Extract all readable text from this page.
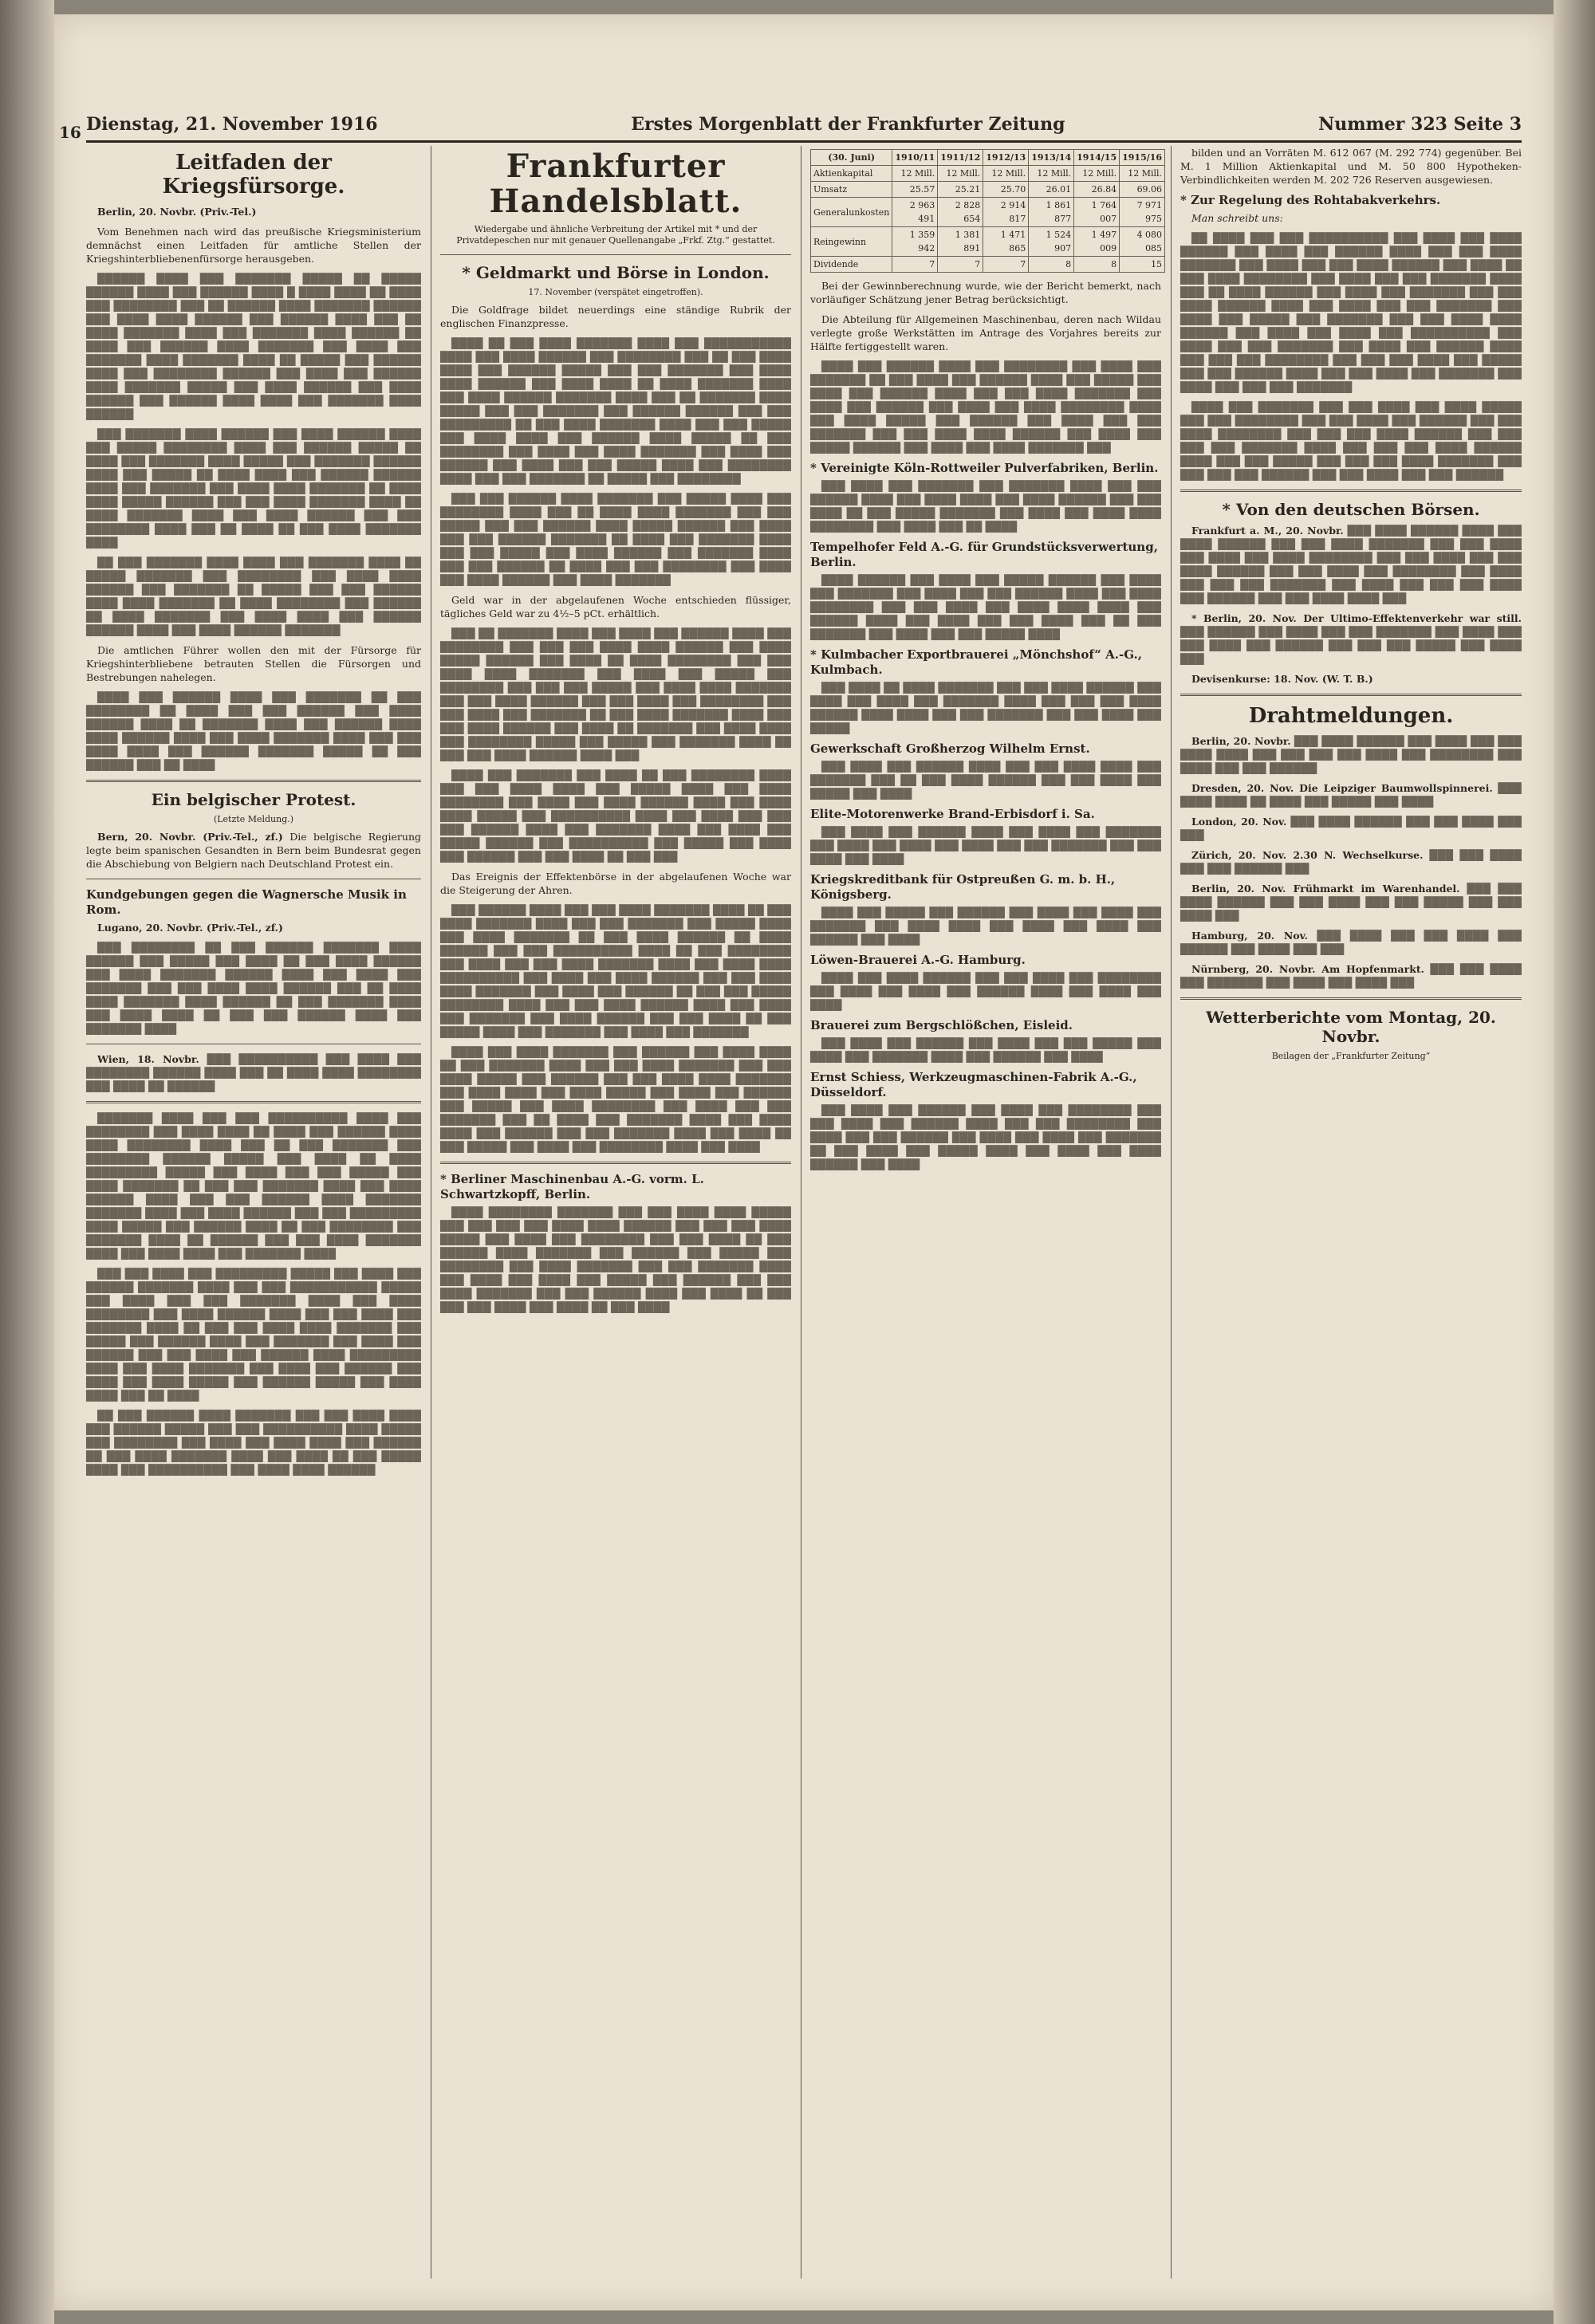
16 Dienstag, 21. November 1916	Erstes Morgenblatt der Frankfurter Zeitung	Nummer 323 Seite 3
Leitfaden der Kriegsfürsorge.

Berlin, 20. Novbr. (Priv.-Tel.)

Vom Benehmen nach wird das preußische Kriegsministerium demnächst einen Leitfaden für amtliche Stellen der Kriegshinterbliebenenfürsorge herausgeben.

██████ ████ ███ ███████ █████ ██ █████ ██████ ████ ███ ██████ ████ █ ████ ████ ██ ████ ███ ████████ ███ ██ ██████ ████ ███████ ██████ ███ ████ ████ ██████ ███ ██████ ████ ███ ██ ████ ███████ ████ ███ ███████ ████ ██████ ██ ████ ███ ██████ ████ ███████ ███ ████ ███ ███████ ████ ███████ ████ ██ █████ ███ ██████ ████ ███ ████████ ██████ ███ ████ ███ ██████ ████ ███████ █████ ███ ████ ██████ ███ ████ ██████ ███ ██████ ████ ████ ███ ███████ ████ ██████

███ ███████ ████ ██████ ███ ████ ██████ ████ ███ █████ ████████ ████ ███ ██████ █████ ██ ████ ███ ███████ ████ █████ ███ ███████ ██████ ████ ███ █████ ██ ████ ████ ███ ██████ ██████ ████ ███ ███████ ███ ████ ████ ███████ ██ ████ ████ █████ ██████ ███ ███ ████ ███████ ████ ██ ████ ███████ ████ ███ ████ ██████ ███ ███ ████████ ████ ███ ██ ████ ██ ███ ████ ███████ ████

██ ███ ███████ ████ ████ ███ ███████ ████ ██ █████ ███████ ███ ████████ ███ ████ ████ ██████ ███ ███████ ██ █████ ███ ███ ██████ ████ ████ ███████ ██ ████ ████████ ███ ██████ ██ ████ ███████ ███ ████ ████ ███ ██████ ██████ ████ ███ ████ ██████ ███████

Die amtlichen Führer wollen den mit der Fürsorge für Kriegshinterbliebene betrauten Stellen die Fürsorgen und Bestrebungen nahelegen.

████ ███ ██████ ████ ███ ███████ ██ ███ ████████ ██ ████ ███ ███ ██████ ███ ████ ██████ ████ ██ ███████ ████ ███ ██████ ████ ████ ██████ ████ ███ ████ ███████ ████ ███ ███ ████ ████ ███ ██████ ███████ █████ ██ ███ ██████ ███ ██ ████

Ein belgischer Protest.
(Letzte Meldung.)

Bern, 20. Novbr. (Priv.-Tel., zf.) Die belgische Regierung legte beim spanischen Gesandten in Bern beim Bundesrat gegen die Abschiebung von Belgiern nach Deutschland Protest ein.

Kundgebungen gegen die Wagnersche Musik in Rom.

Lugano, 20. Novbr. (Priv.-Tel., zf.)

███ ████████ ██ ███ ██████ ███████ ████ ██████ ███ █████ ███ ████ ██ ███ ████ ██████ ███ ████ ███████ ██████ ████ ███ ████ ███ ███████ ███ ███ ████ ████ ██████ ███ ██ ████ ████ ███████ ████ ██████ ██ ███ ███████ ████ ███ ████ ████ ██ ███ ███ ██████ ████ ███ ███████ ████

Wien, 18. Novbr. ███ ██████████ ███ ████ ███ ████████ ██████ ████ ███ ██ ████ ████ ████████ ███ ████ ██ ██████

███████ ████ ███ ███ ██████████ ████ ███ ████████ ███ ████ ████ ██ ████ ███ ██████ ████ ████ ████████ ████ ███ ██ ███ ███████ ███ ████████ ██████ █████ ███ ████ ██ ████ █████████ █████ ███ ████ ███ ███ █████ ███ ████ ███████ ██ ███ ███ ███████ ████ ███ ████ ██████ ████ ███ ███ ██████ ████ ███████ ███████ ████ ███ ████ ██████ ███ ███ █████████ ████ █████ ███ ██████ ████ ██ ███ ████████ ███ ███████ ████ ██ ██████ ███ ███ ████ ███████ ████ ███ ████ ████ ███ ███████ ████

███ ███ ████ ███ █████████ █████ ███ ████ ███ ██████ ███████ ████ ███ ███ ███████████ █████ ███ ████ ███ ███ ███████ ████ ███ ████ ████████ ███ ████ ██████ ████ ███ ███ ████ ███ ███████ ████ ██ ███ ███ ████ ████ ███████ ███ █████ ███ ██████ ████ ███ ███████ ███ ████ ███ ██████ ███ ███ ████ ███ ██████ ████ █████████ ████ ███ ████ ███████ ███ ████ ███ ██████ ███ ████ ███ ████ █████ ███ ██████ █████ ███ ████ ████ ███ ██ ████

██ ███ ██████ ████ ███████ ███ ███ ████ ████ ███ ██████ █████ ███ ███ ██████████ ████ █████ ███ ████████ ███ ████ ███ ████ ████ ███ ██████ ██ ███ ████ ███████ ████ ███ ████ ██ ███ █████ ████ ███ ██████████ ███ ████ ████ ██████

Frankfurter Handelsblatt.
Wiedergabe und ähnliche Verbreitung der Artikel mit * und der Privatdepeschen nur mit genauer Quellenangabe „Frkf. Ztg.“ gestattet.
* Geldmarkt und Börse in London.
17. November (verspätet eingetroffen).

Die Goldfrage bildet neuerdings eine ständige Rubrik der englischen Finanzpresse.

████ ██ ███ ████ ███████ ████ ███ ███████████ ████ ███ ████ ██████ ███ ████████ ███ ██ ███ ████ ████ ███ ██████ █████ ███ ███ ███████ ███ ████ ████ ██████ ███ ████ ████ ██ ████ ███████ ████ ███ ████ ██████ ███████ ████ ███ ██ ███████ ████ █████ ███ ███ ███████ ███ ██████ ██████ ███ ███ █████████ ██ ███ ████ ███████ ████ ███ ███ █████ ███ ████ ████ ███ ██████ ████ █████ ██ ███ ████████ ███ ████ ███ ████ ███████ ███ ████ ███ ██████ ███ ████ ███ ███ █████ ████ ███ ████████ ████ ███ ███ ███████ ██ █████ ███ ████████

███ ███ ██████ ████ ███████ ███ █████ ████ ███ ████████ ████ ███ ██ ████ ████ ███████ ███ ███ █████ ███ ███ ██████ ████ █████ ██████ ███ ████ ███ ███ ██████ ███████ ██ ████ ███ ███████ ████ ███ ███ █████ ███ ████ ██████ ███ ███████ ████ ███ ███ ██████ ██ ████ ███ ███ ████████ ███ ████ ███ ████ ██████ ███ ████ ███████

Geld war in der abgelaufenen Woche entschieden flüssiger, tägliches Geld war zu 4½–5 pCt. erhältlich.

███ ██ ███████ ████ ███ ████ ███ ██████ ████ ███ ████████ ███ ███ ███ ████ ████ ██████ ███ ████ █████ ██████ ███ ████ ██ ████ ████████ ███ ███ ████ ████ ███████ ███ ████ ███ █████ ███ ████████ ███ ███ ███ █████ ███ ████ ████ ███████ ███ ███ ████ ██████ ███ ███ ████ ███ ████████ ███ ███ ████ ███ ███████ ██ ███ ████ ███████ ████ ███ ███ ████ ██████ ███ ████ ██ ███████ ███ ████ ████ ███ ████████ █████ ███ █████ ███ ███████ ████ ██ ███ ███ ████ ██████ ████ ███

████ ███ ███████ ███ ████ ██ ███ ████████ ████ ███ ███ ████ ████ ███ █████ ████ ███ ████ ████████ ███ ████ ███ ████ ██████ ████ ███ ████ ████ █████ ███ ██████████ ████ ███ ████ ███ ███ ███ ██████ ████ ███ ███████ ████ ███ ████ ███ █████ ██████ ███ ██████████ ███ █████ ███ ████ ███ ██████ ███ ███ ████ ██ ███ ███

Das Ereignis der Effektenbörse in der abgelaufenen Woche war die Steigerung der Ahren.

███ ██████ ████ ███ ███ ████ ███████ ████ ██ ███ ████ ███████ ████ ███ ███ ███████ ███ █████ ████ ███ ████ ███████ ██ ███ ████ ██████ ██ ████ ██████ ███ ███ ██████████ ████ ██ ███ ████████ ███ ████ ███ ███ ████ ███████ ████ ███ ████ ████ ██████████ ███ ████ ███ ████ ██████ ███ ███ ████ ████ ███████ ███ ████ ███ ██████ ██ ███ ███ █████ ████████ ████ ███ ███ ████ ██████ ████ ███ ████ ███ ███████ ███ ████ ██████ ███ ███ ████ ██ ███ █████ ████ ███ ███████ ███ ████ ███ ███████

████ ███ ████ ███████ ███ ██████ ███ ████ ████ ██ ███ ███████ ████ ███ ███ ████ ███████ ███ ███ ████ █████ ███ ██████ ███ ███ ████ ████ ███████ ███ ████ ████ ███ ████ █████ ███ ████ ███ ██████ ███ █████ ███ ████ ████████ ███ ████ ███ ███ ███████ ███ ██ ████ ███ ███████ ████ ███ ████ ████ ███ ██████ ███ ███ ███████ ████ ███ ████ ██ ███ █████ ███ ████ ███ ████████ ████ ███ ████

* Berliner Maschinenbau A.-G. vorm. L. Schwartzkopff, Berlin.

████ ████████ ███████ ███ ███ ████ ████ █████ ███ ███ ███ ███ ████ ████ ██████ ███ ███ ███ ████ █████ ███ ████ ███ ████████ ███ ███ ████ ██ ███ ██████ ████ ███████ ███ ██████ ███ █████ ███ ████████ ███ ████ ███████ ███ ███ ███████ ████ ███ ████ ███ ████ ███ █████ ███ ██████ ███ ███ ████ ███████ ███ ███ ██████ ████ ███ ████ ██ ███ ███ ███ ████ ███ ████ ██ ███ ████

(30. Juni)	1910/11	1911/12	1912/13	1913/14	1914/15	1915/16
Aktienkapital	12 Mill.	12 Mill.	12 Mill.	12 Mill.	12 Mill.	12 Mill.
Umsatz	25.57	25.21	25.70	26.01	26.84	69.06
Generalunkosten	2 963 491	2 828 654	2 914 817	1 861 877	1 764 007	7 971 975
Reingewinn	1 359 942	1 381 891	1 471 865	1 524 907	1 497 009	4 080 085
Dividende	7	7	7	8	8	15

Bei der Gewinnberechnung wurde, wie der Bericht bemerkt, nach vorläufiger Schätzung jener Betrag berücksichtigt.

Die Abteilung für Allgemeinen Maschinenbau, deren nach Wildau verlegte große Werkstätten im Antrage des Vorjahres bereits zur Hälfte fertiggestellt waren.

████ ███ ██████ ████ ███ ████████ ███ ████ ███ ███████ ██ ███ ████ ███ ██████ ████ ███ █████ ███ ████ ███ ██████ ████ ███ ███ ████ ███████ ███ ████ ███ ██████ ███ ████ ███ ████ ████████ ████ ███ ████ █████ ███ ██████ ███ ████ ███ ███ ███████ ███ ███ ████ ████ ██████ ███ ████ ███ █████ ██████ ███ ████ ███ ████ ███████ ███

* Vereinigte Köln-Rottweiler Pulverfabriken, Berlin.

███ ████ ███ ███████ ███ ███████ ████ ███ ███ ██████ ████ ███ ████ ████ ███ ████ ██████ ███ ███ ████ ██ ███ █████ ███████ ███ ████ ███ ████ ████ ████████ ███ ████ ███ ██ ████

Tempelhofer Feld A.-G. für Grundstücksverwertung, Berlin.

████ ██████ ███ ████ ███ █████ ██████ ███ ████ ███ ███████ ███ ████ ███ ███ ██████ ████ ███ ████ ████████ ███ ███ ████ ███ ████ ████ ████ ███ ██████ ████ ███ ████ ███ ███ ████ ███ ██ ███ ███████ ███ ████ ███ ███ █████ ████

* Kulmbacher Exportbrauerei „Mönchshof“ A.-G., Kulmbach.

███ ████ ██ ████ ███████ ███ ███ ████ ██████ ███ ████ ███ ████ ███ ███████ ████ ███ ███ ███ ████ ██████ ████ ████ ███ ███ ███████ ███ ███ ████ ███ █████

Gewerkschaft Großherzog Wilhelm Ernst.

███ ████ ███ ██████ ████ ███ ███ ████ ████ ███ ███████ ███ ██ ███ ████ ██████ ███ ███ ████ ███ █████ ███ ████

Elite-Motorenwerke Brand-Erbisdorf i. Sa.

███ ████ ███ ██████ ████ ███ ████ ███ ███████ ███ ████ ███ ████ ███ ████ ███ ███ ███████ ███ ███ ████ ███ ████

Kriegskreditbank für Ostpreußen G. m. b. H., Königsberg.

████ ███ █████ ███ ██████ ███ ████ ███ ████ ███ ███████ ███ ████ ████ ███ ████ ███ ████ ███ ██████ ███ ████

Löwen-Brauerei A.-G. Hamburg.

████ ███ ████ ██████ ███ ███ ████ ███ ████████ ███ ████ ███ ████ ███ ██████ ████ ███ ████ ███ ████

Brauerei zum Bergschlößchen, Eisleid.

███ ████ ███ ██████ ███ ████ ███ ███ █████ ███ ████ ███ ███████ ████ ███ ██████ ███ ████

Ernst Schiess, Werkzeugmaschinen-Fabrik A.-G., Düsseldorf.

███ ████ ███ ██████ ███ ████ ███ ████████ ███ ███ ████ ███ ██████ ████ ███ ███ ████████ ███ ████ ███ ███ ██████ ███ ████ ███ ████ ███ ███████ ██ ███ ████ ███ █████ ████ ███ ████ ███ ████ ██████ ███ ████

bilden und an Vorräten M. 612 067 (M. 292 774) gegenüber. Bei M. 1 Million Aktienkapital und M. 50 800 Hypotheken-Verbindlichkeiten werden M. 202 726 Reserven ausgewiesen.

* Zur Regelung des Rohtabakverkehrs.

Man schreibt uns:

██ ████ ███ ███ ██████████ ███ ████ ███ ████ ██████ ███ ████ ███ ██████ ████ ███ ███ ████ ███████ ███ ████ ███ ███ ████ ██████ ███ ████ ██ ███ ████ ████████ ███ ████ ███ ███ ███████ ████ ███ ██ ████ ██████ ███ ████ ███ ███████ ███ ███ ████ ██████ ████ ███ ████ ███ ███ ███████ ███ ████ ███ █████ ███ ███████ ███ ███ ████ ████ ██████ ███ ████ ███ ████ ███ ██████████ ███ ████ ███ ███ ███████ ███ ████ ███ ██████ ████ ███ ███ ███ ████████ ███ ███ ███ ████ ███ █████ ███ ███ ██████ ████ ███ ███ ████ ███ ███████ ███ ████ ███ ███ ███ ███████

████ ███ ███████ ███ ███ ████ ███ ████ █████ ███ ███ ████████ ███ ███ ████ ███ ██████ ███ ███ ████ ████████ ███ ███ ███ ████ ██████ ███ ███ ███ ███ ███████ ████ ███ ███ ███ ████ ██████ ████ ███ ███ █████ ███ ███ ███ ████ ███████ ███ ███ ███ ███ ██████ ███ ███ ████ ███ ███ ██████

* Von den deutschen Börsen.

Frankfurt a. M., 20. Novbr. ███ ████ ██████ ████ ███ ████ ██████ ███ ███ ████ ███████ ███ ███ ████ ███ ████ ███ ████ ████████ ███ ███ ████ ███ ███ ████ ██████ ███ ███ ████ ███ ████████ ███ ████ ███ ███ ███ ███████ ███ ████ ███ ███ ███ ████ ███ ██████ ███ ███ ████ ████ ███

* Berlin, 20. Nov. Der Ultimo-Effektenverkehr war still. ███ ██████ ███ ████ ███ ███ ███████ ███ ████ ███ ███ ████ ███ ██████ ███ ███ ███ █████ ███ ████ ███

Devisenkurse: 18. Nov. (W. T. B.)

Drahtmeldungen.

Berlin, 20. Novbr. ███ ████ ██████ ███ ████ ███ ███ ████ ████ ███ ███ ███ ███ ████ ███ ████████ ███ ████ ███ ███ ██████

Dresden, 20. Nov. Die Leipziger Baumwollspinnerei. ███ ████ ████ ██ ████ ███ █████ ███ ████

London, 20. Nov. ███ ████ ██████ ███ ███ ████ ███ ███

Zürich, 20. Nov. 2.30 N. Wechselkurse. ███ ███ ████ ███ ███ ██████ ███

Berlin, 20. Nov. Frühmarkt im Warenhandel. ███ ███ ████ ██████ ███ ███ ████ ███ ███ █████ ███ ███ ████ ███

Hamburg, 20. Nov. ███ ████ ███ ███ ████ ███ ██████ ███ ████ ███ ███

Nürnberg, 20. Novbr. Am Hopfenmarkt. ███ ███ ████ ███ ███████ ███ ████ ███ ████ ███

Wetterberichte vom Montag, 20. Novbr.
Beilagen der „Frankfurter Zeitung“
